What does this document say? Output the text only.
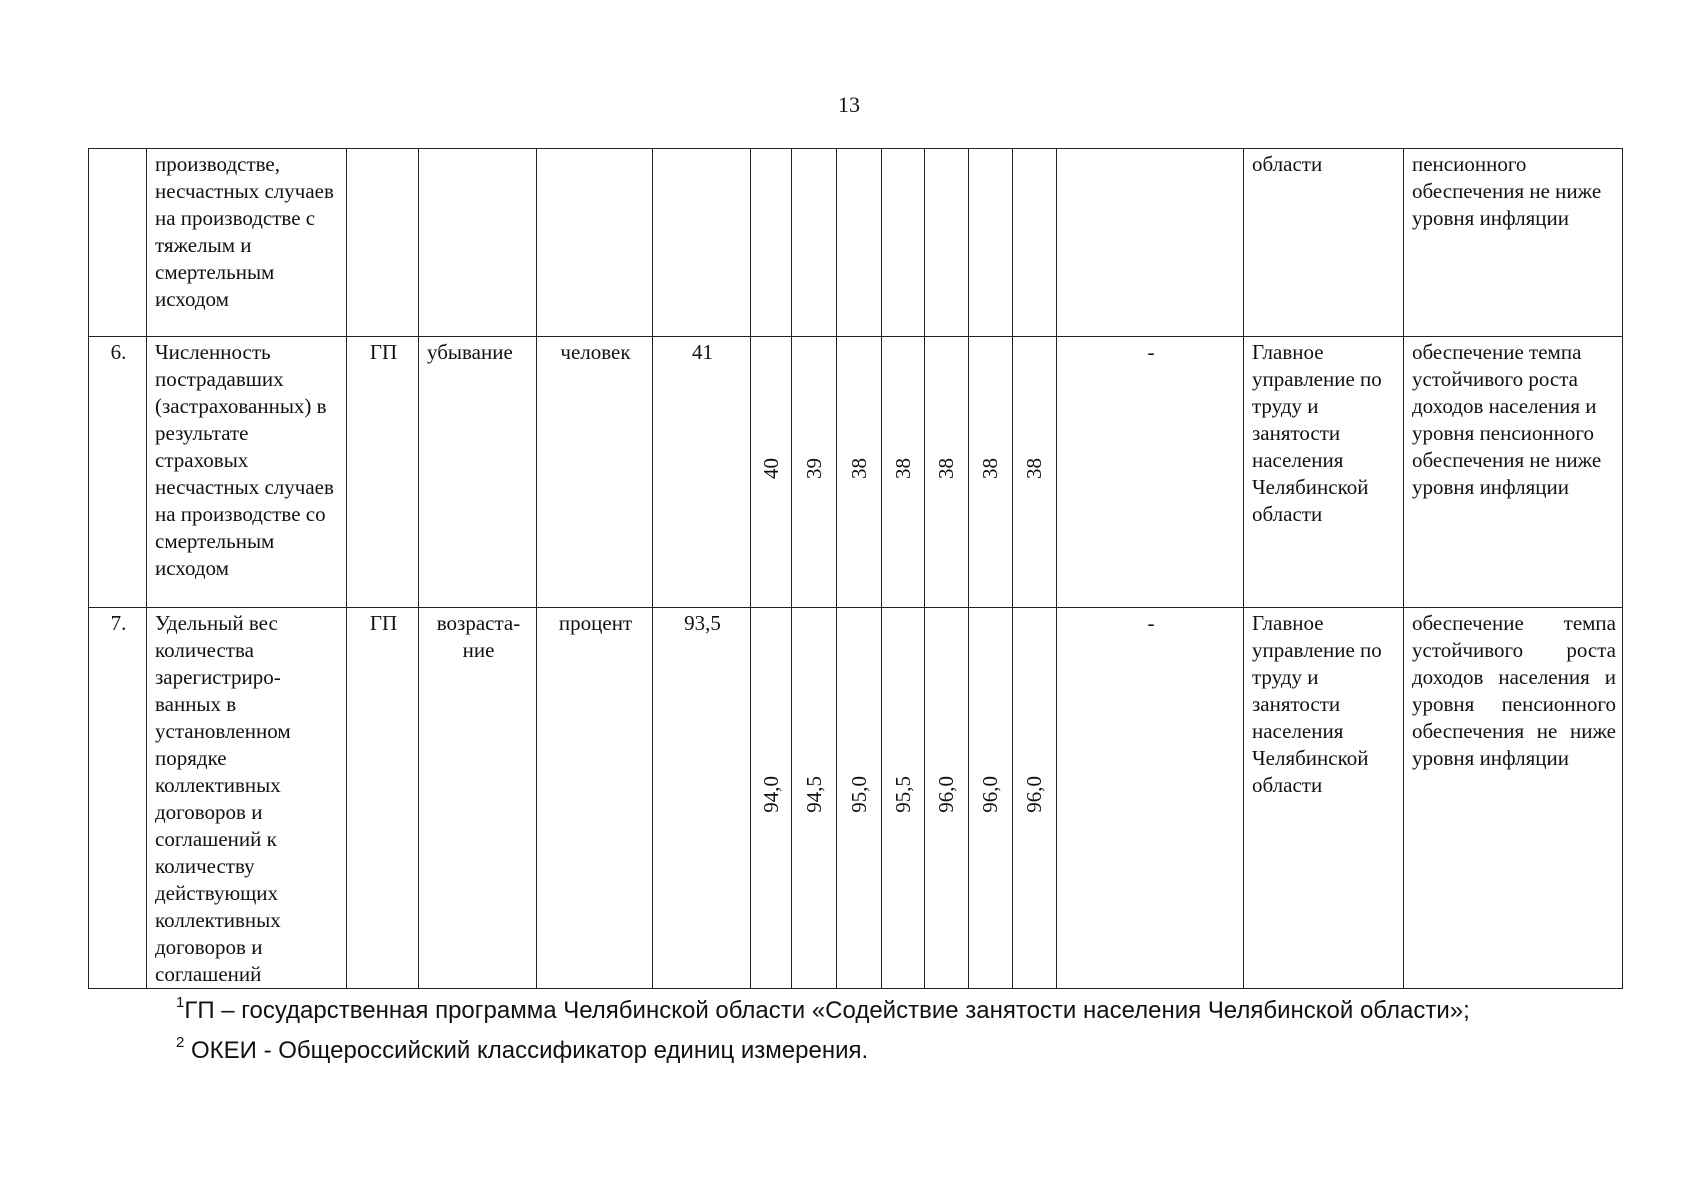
13
	производстве, несчастных случаев на производстве с тяжелым и смертельным исходом													области	пенсионного обеспечения не ниже уровня инфляции
6.	Численность пострадавших (застрахованных) в результате страховых несчастных случаев на производстве со смертельным исходом	ГП	убывание	человек	41	40	39	38	38	38	38	38	-	Главное управление по труду и занятости населения Челябинской области	обеспечение темпа устойчивого роста доходов населения и уровня пенсионного обеспечения не ниже уровня инфляции
7.	Удельный вес количества зарегистриро-ванных в установленном порядке коллективных договоров и соглашений к количеству действующих коллективных договоров и соглашений	ГП	возраста-ние	процент	93,5	94,0	94,5	95,0	95,5	96,0	96,0	96,0	-	Главное управление по труду и занятости населения Челябинской области	обеспечение темпа устойчивого роста доходов населения и уровня пенсионного обеспечения не ниже уровня инфляции
$^1$ГП – государственная программа Челябинской области «Содействие занятости населения Челябинской области»;
$^2$ ОКЕИ - Общероссийский классификатор единиц измерения.
